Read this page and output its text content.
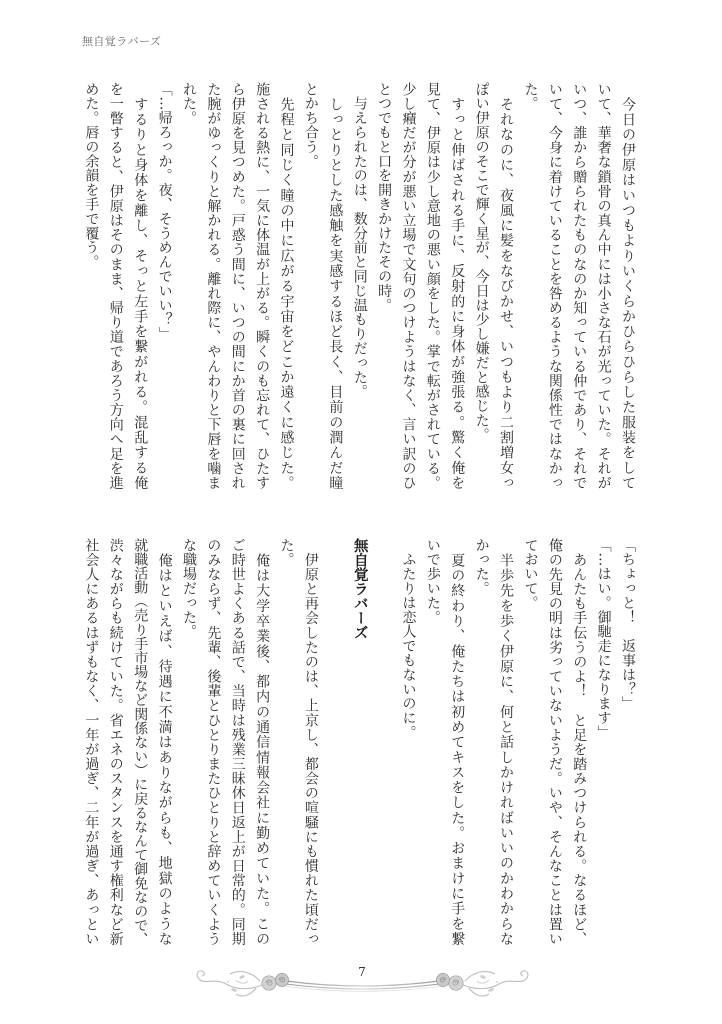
無自覚ラバーズ
　今日の伊原はいつもよりいくらかひらひらした服装をして
いて、華奢な鎖骨の真ん中には小さな石が光っていた。それが
いつ、誰から贈られたものなのか知っている仲であり、それで
いて、今身に着けていることを咎めるような関係性ではなかっ
た。
　それなのに、夜風に髪をなびかせ、いつもより二割増女っ
ぽい伊原のそこで輝く星が、今日は少し嫌だと感じた。
　すっと伸ばされる手に、反射的に身体が強張る。驚く俺を
見て、伊原は少し意地の悪い顔をした。掌で転がされている。
少し癪だが分が悪い立場で文句のつけようはなく、言い訳のひ
とつでもと口を開きかけたその時。
　与えられたのは、数分前と同じ温もりだった。
　しっとりとした感触を実感するほど長く、目前の潤んだ瞳
とかち合う。
　先程と同じく瞳の中に広がる宇宙をどこか遠くに感じた。
施される熱に、一気に体温が上がる。瞬くのも忘れて、ひたす
ら伊原を見つめた。戸惑う間に、いつの間にか首の裏に回され
た腕がゆっくりと解かれる。離れ際に、やんわりと下唇を噛ま
れた。
「…帰ろっか。夜、そうめんでいい？」
　するりと身体を離し、そっと左手を繋がれる。混乱する俺
を一瞥すると、伊原はそのまま、帰り道であろう方向へ足を進
めた。唇の余韻を手で覆う。
「ちょっと！　返事は？」
「…はい。御馳走になります」
　あんたも手伝うのよ！　と足を踏みつけられる。なるほど、
俺の先見の明は劣っていないようだ。いや、そんなことは置い
ておいて。
　半歩先を歩く伊原に、何と話しかければいいのかわからな
かった。
　夏の終わり、俺たちは初めてキスをした。おまけに手を繋
いで歩いた。
　ふたりは恋人でもないのに。
無自覚ラバーズ
　伊原と再会したのは、上京し、都会の喧騒にも慣れた頃だっ
た。
　俺は大学卒業後、都内の通信情報会社に勤めていた。この
ご時世よくある話で、当時は残業三昧休日返上が日常的。同期
のみならず、先輩、後輩とひとりまたひとりと辞めていくよう
な職場だった。
　俺はといえば、待遇に不満はありながらも、地獄のような
就職活動（売り手市場など関係ない）に戻るなんて御免なので、
渋々ながらも続けていた。省エネのスタンスを通す権利など新
社会人にあるはずもなく、一年が過ぎ、二年が過ぎ、あっとい
7
